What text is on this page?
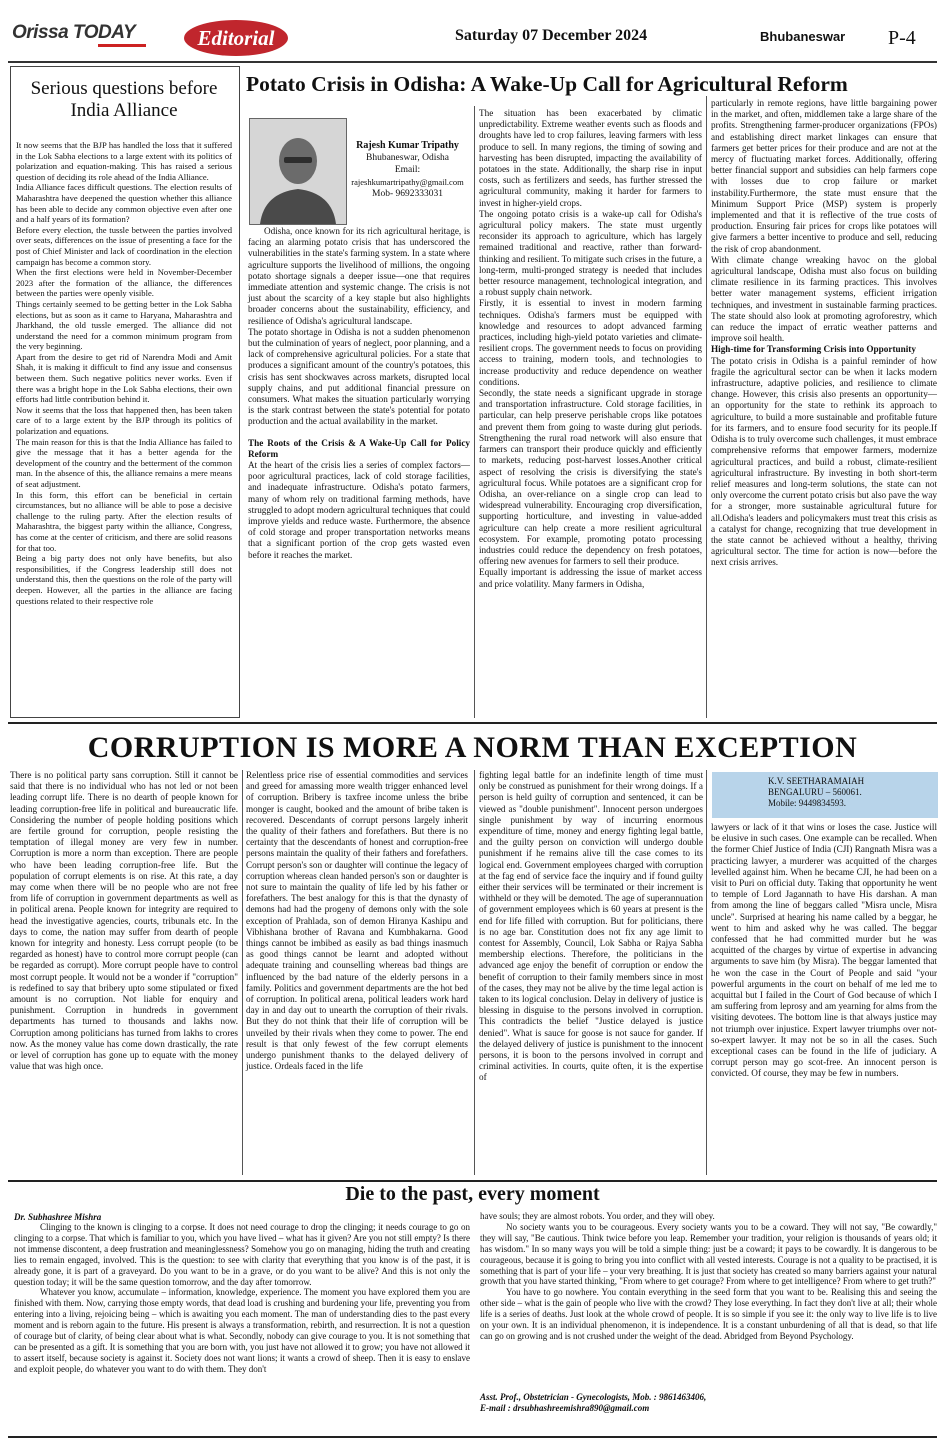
Orissa TODAY	Editorial	Saturday 07 December 2024	Bhubaneswar P-4
Serious questions before India Alliance

It now seems that the BJP has handled the loss that it suffered in the Lok Sabha elections to a large extent with its politics of polarization and equation-making. This has raised a serious question of deciding its role ahead of the India Alliance.

India Alliance faces difficult questions. The election results of Maharashtra have deepened the question whether this alliance has been able to decide any common objective even after one and a half years of its formation?

Before every election, the tussle between the parties involved over seats, differences on the issue of presenting a face for the post of Chief Minister and lack of coordination in the election campaign has become a common story.

When the first elections were held in November-December 2023 after the formation of the alliance, the differences between the parties were openly visible.

Things certainly seemed to be getting better in the Lok Sabha elections, but as soon as it came to Haryana, Maharashtra and Jharkhand, the old tussle emerged. The alliance did not understand the need for a common minimum program from the very beginning.

Apart from the desire to get rid of Narendra Modi and Amit Shah, it is making it difficult to find any issue and consensus between them. Such negative politics never works. Even if there was a bright hope in the Lok Sabha elections, their own efforts had little contribution behind it.

Now it seems that the loss that happened then, has been taken care of to a large extent by the BJP through its politics of polarization and equations.

The main reason for this is that the India Alliance has failed to give the message that it has a better agenda for the development of the country and the betterment of the common man. In the absence of this, the alliance remains a mere means of seat adjustment.

In this form, this effort can be beneficial in certain circumstances, but no alliance will be able to pose a decisive challenge to the ruling party. After the election results of Maharashtra, the biggest party within the alliance, Congress, has come at the center of criticism, and there are solid reasons for that too.

Being a big party does not only have benefits, but also responsibilities, if the Congress leadership still does not understand this, then the questions on the role of the party will deepen. However, all the parties in the alliance are facing questions related to their respective role

Potato Crisis in Odisha: A Wake-Up Call for Agricultural Reform
Rajesh Kumar Tripathy
Bhubaneswar, Odisha
Email:
rajeshkumartripathy@gmail.com
Mob- 9692333031

Odisha, once known for its rich agricultural heritage, is facing an alarming potato crisis that has underscored the vulnerabilities in the state's farming system. In a state where agriculture supports the livelihood of millions, the ongoing potato shortage signals a deeper issue—one that requires immediate attention and systemic change. The crisis is not just about the scarcity of a key staple but also highlights broader concerns about the sustainability, efficiency, and resilience of Odisha's agricultural landscape.

The potato shortage in Odisha is not a sudden phenomenon but the culmination of years of neglect, poor planning, and a lack of comprehensive agricultural policies. For a state that produces a significant amount of the country's potatoes, this crisis has sent shockwaves across markets, disrupted local supply chains, and put additional financial pressure on consumers. What makes the situation particularly worrying is the stark contrast between the state's potential for potato production and the actual availability in the market.

The Roots of the Crisis & A Wake-Up Call for Policy Reform

At the heart of the crisis lies a series of complex factors—poor agricultural practices, lack of cold storage facilities, and inadequate infrastructure. Odisha's potato farmers, many of whom rely on traditional farming methods, have struggled to adopt modern agricultural techniques that could improve yields and reduce waste. Furthermore, the absence of cold storage and proper transportation networks means that a significant portion of the crop gets wasted even before it reaches the market.

The situation has been exacerbated by climatic unpredictability. Extreme weather events such as floods and droughts have led to crop failures, leaving farmers with less produce to sell. In many regions, the timing of sowing and harvesting has been disrupted, impacting the availability of potatoes in the state. Additionally, the sharp rise in input costs, such as fertilizers and seeds, has further stressed the agricultural community, making it harder for farmers to invest in higher-yield crops.

The ongoing potato crisis is a wake-up call for Odisha's agricultural policy makers. The state must urgently reconsider its approach to agriculture, which has largely remained traditional and reactive, rather than forward-thinking and resilient. To mitigate such crises in the future, a long-term, multi-pronged strategy is needed that includes better resource management, technological integration, and a robust supply chain network.

Firstly, it is essential to invest in modern farming techniques. Odisha's farmers must be equipped with knowledge and resources to adopt advanced farming practices, including high-yield potato varieties and climate-resilient crops. The government needs to focus on providing access to training, modern tools, and technologies to increase productivity and reduce dependence on weather conditions.

Secondly, the state needs a significant upgrade in storage and transportation infrastructure. Cold storage facilities, in particular, can help preserve perishable crops like potatoes and prevent them from going to waste during glut periods. Strengthening the rural road network will also ensure that farmers can transport their produce quickly and efficiently to markets, reducing post-harvest losses.Another critical aspect of resolving the crisis is diversifying the state's agricultural focus. While potatoes are a significant crop for Odisha, an over-reliance on a single crop can lead to widespread vulnerability. Encouraging crop diversification, supporting horticulture, and investing in value-added agriculture can help create a more resilient agricultural ecosystem. For example, promoting potato processing industries could reduce the dependency on fresh potatoes, offering new avenues for farmers to sell their produce.

Equally important is addressing the issue of market access and price volatility. Many farmers in Odisha,

particularly in remote regions, have little bargaining power in the market, and often, middlemen take a large share of the profits. Strengthening farmer-producer organizations (FPOs) and establishing direct market linkages can ensure that farmers get better prices for their produce and are not at the mercy of fluctuating market forces. Additionally, offering better financial support and subsidies can help farmers cope with losses due to crop failure or market instability.Furthermore, the state must ensure that the Minimum Support Price (MSP) system is properly implemented and that it is reflective of the true costs of production. Ensuring fair prices for crops like potatoes will give farmers a better incentive to produce and sell, reducing the risk of crop abandonment.

With climate change wreaking havoc on the global agricultural landscape, Odisha must also focus on building climate resilience in its farming practices. This involves better water management systems, efficient irrigation techniques, and investment in sustainable farming practices. The state should also look at promoting agroforestry, which can reduce the impact of erratic weather patterns and improve soil health.

High-time for Transforming Crisis into Opportunity

The potato crisis in Odisha is a painful reminder of how fragile the agricultural sector can be when it lacks modern infrastructure, adaptive policies, and resilience to climate change. However, this crisis also presents an opportunity—an opportunity for the state to rethink its approach to agriculture, to build a more sustainable and profitable future for its farmers, and to ensure food security for its people.If Odisha is to truly overcome such challenges, it must embrace comprehensive reforms that empower farmers, modernize agricultural practices, and build a robust, climate-resilient agricultural infrastructure. By investing in both short-term relief measures and long-term solutions, the state can not only overcome the current potato crisis but also pave the way for a stronger, more sustainable agricultural future for all.Odisha's leaders and policymakers must treat this crisis as a catalyst for change, recognizing that true development in the state cannot be achieved without a healthy, thriving agricultural sector. The time for action is now—before the next crisis arrives.

CORRUPTION IS MORE A NORM THAN EXCEPTION
K.V. SEETHARAMAIAH
BENGALURU – 560061.
Mobile: 9449834593.
There is no political party sans corruption. Still it cannot be said that there is no individual who has not led or not been leading corrupt life. There is no dearth of people known for leading corruption-free life in political and bureaucratic life. Considering the number of people holding positions which are fertile ground for corruption, people resisting the temptation of illegal money are very few in number. Corruption is more a norm than exception. There are people who have been leading corruption-free life. But the population of corrupt elements is on rise. At this rate, a day may come when there will be no people who are not free from life of corruption in government departments as well as in political arena. People known for integrity are required to head the investigative agencies, courts, tribunals etc. In the days to come, the nation may suffer from dearth of people known for integrity and honesty. Less corrupt people (to be regarded as honest) have to control more corrupt people (can be regarded as corrupt). More corrupt people have to control most corrupt people. It would not be a wonder if "corruption" is redefined to say that bribery upto some stipulated or fixed amount is no corruption. Not liable for enquiry and punishment. Corruption in hundreds in government departments has turned to thousands and lakhs now. Corruption among politicians has turned from lakhs to crores now. As the money value has come down drastically, the rate or level of corruption has gone up to equate with the money value that was high once.
Relentless price rise of essential commodities and services and greed for amassing more wealth trigger enhanced level of corruption. Bribery is taxfree income unless the bribe monger is caught, booked and the amount of bribe taken is recovered. Descendants of corrupt persons largely inherit the quality of their fathers and forefathers. But there is no certainty that the descendants of honest and corruption-free persons maintain the quality of their fathers and forefathers. Corrupt person's son or daughter will continue the legacy of corruption whereas clean handed person's son or daughter is not sure to maintain the quality of life led by his father or forefathers. The best analogy for this is that the dynasty of demons had had the progeny of demons only with the sole exception of Prahlada, son of demon Hiranya Kashipu and Vibhishana brother of Ravana and Kumbhakarna. Good things cannot be imbibed as easily as bad things inasmuch as good things cannot be learnt and adopted without adequate training and counselling whereas bad things are influenced by the bad nature of the elderly persons in a family. Politics and government departments are the hot bed of corruption. In political arena, political leaders work hard day in and day out to unearth the corruption of their rivals. But they do not think that their life of corruption will be unveiled by their rivals when they come to power. The end result is that only fewest of the few corrupt elements undergo punishment thanks to the delayed delivery of justice. Ordeals faced in the life
fighting legal battle for an indefinite length of time must only be construed as punishment for their wrong doings. If a person is held guilty of corruption and sentenced, it can be viewed as "double punishment". Innocent person undergoes single punishment by way of incurring enormous expenditure of time, money and energy fighting legal battle, and the guilty person on conviction will undergo double punishment if he remains alive till the case comes to its logical end. Government employees charged with corruption at the fag end of service face the inquiry and if found guilty either their services will be terminated or their increment is withheld or they will be demoted. The age of superannuation of government employees which is 60 years at present is the end for life filled with corruption. But for politicians, there is no age bar. Constitution does not fix any age limit to contest for Assembly, Council, Lok Sabha or Rajya Sabha membership elections. Therefore, the politicians in the advanced age enjoy the benefit of corruption or endow the benefit of corruption to their family members since in most of the cases, they may not be alive by the time legal action is taken to its logical conclusion. Delay in delivery of justice is blessing in disguise to the persons involved in corruption. This contradicts the belief "Justice delayed is justice denied". What is sauce for goose is not sauce for gander. If the delayed delivery of justice is punishment to the innocent persons, it is boon to the persons involved in corrupt and criminal activities. In courts, quite often, it is the expertise of
lawyers or lack of it that wins or loses the case. Justice will be elusive in such cases. One example can be recalled. When the former Chief Justice of India (CJI) Rangnath Misra was a practicing lawyer, a murderer was acquitted of the charges levelled against him. When he became CJI, he had been on a visit to Puri on official duty. Taking that opportunity he went to temple of Lord Jagannath to have His darshan. A man from among the line of beggars called "Misra uncle, Misra uncle". Surprised at hearing his name called by a beggar, he went to him and asked why he was called. The beggar confessed that he had committed murder but he was acquitted of the charges by virtue of expertise in advancing arguments to save him (by Misra). The beggar lamented that he won the case in the Court of People and said "your powerful arguments in the court on behalf of me led me to acquittal but I failed in the Court of God because of which I am suffering from leprosy and am yearning for alms from the visiting devotees. The bottom line is that always justice may not triumph over injustice. Expert lawyer triumphs over not-so-expert lawyer. It may not be so in all the cases. Such exceptional cases can be found in the life of judiciary. A corrupt person may go scot-free. An innocent person is convicted. Of course, they may be few in numbers.
Die to the past, every moment
Dr. Subhashree Mishra

Clinging to the known is clinging to a corpse. It does not need courage to drop the clinging; it needs courage to go on clinging to a corpse. That which is familiar to you, which you have lived – what has it given? Are you not still empty? Is there not immense discontent, a deep frustration and meaninglessness? Somehow you go on managing, hiding the truth and creating lies to remain engaged, involved. This is the question: to see with clarity that everything that you know is of the past, it is already gone, it is part of a graveyard. Do you want to be in a grave, or do you want to be alive? And this is not only the question today; it will be the same question tomorrow, and the day after tomorrow.

Whatever you know, accumulate – information, knowledge, experience. The moment you have explored them you are finished with them. Now, carrying those empty words, that dead load is crushing and burdening your life, preventing you from entering into a living, rejoicing being – which is awaiting you each moment. The man of understanding dies to the past every moment and is reborn again to the future. His present is always a transformation, rebirth, and resurrection. It is not a question of courage but of clarity, of being clear about what is what. Secondly, nobody can give courage to you. It is not something that can be presented as a gift. It is something that you are born with, you just have not allowed it to grow; you have not allowed it to assert itself, because society is against it. Society does not want lions; it wants a crowd of sheep. Then it is easy to enslave and exploit people, do whatever you want to do with them. They don't

have souls; they are almost robots. You order, and they will obey.

No society wants you to be courageous. Every society wants you to be a coward. They will not say, "Be cowardly," they will say, "Be cautious. Think twice before you leap. Remember your tradition, your religion is thousands of years old; it has wisdom." In so many ways you will be told a simple thing: just be a coward; it pays to be cowardly. It is dangerous to be courageous, because it is going to bring you into conflict with all vested interests. Courage is not a quality to be practised, it is something that is part of your life – your very breathing. It is just that society has created so many barriers against your natural growth that you have started thinking, "From where to get courage? From where to get intelligence? From where to get truth?"

You have to go nowhere. You contain everything in the seed form that you want to be. Realising this and seeing the other side – what is the gain of people who live with the crowd? They lose everything. In fact they don't live at all; their whole life is a series of deaths. Just look at the whole crowd of people. It is so simple if you see it: the only way to live life is to live on your own. It is an individual phenomenon, it is independence. It is a constant unburdening of all that is dead, so that life can go on growing and is not crushed under the weight of the dead. Abridged from Beyond Psychology.

Asst. Prof., Obstetrician - Gynecologists, Mob. : 9861463406,
E-mail : drsubhashreemishra890@gmail.com
